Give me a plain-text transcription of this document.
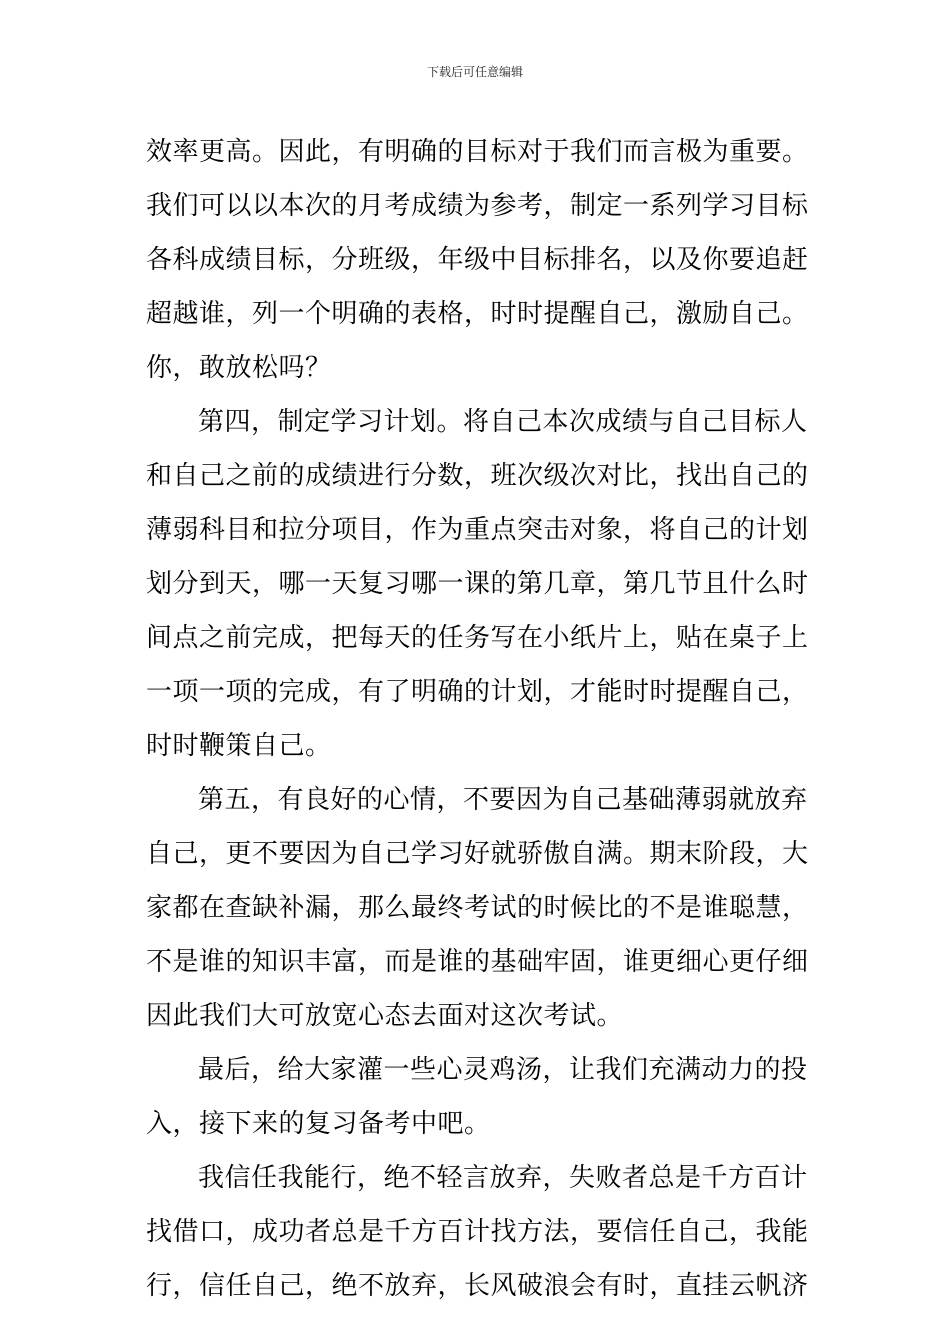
下载后可任意编辑
效率更高。因此，有明确的目标对于我们而言极为重要。
我们可以以本次的月考成绩为参考，制定一系列学习目标
各科成绩目标，分班级，年级中目标排名，以及你要追赶
超越谁，列一个明确的表格，时时提醒自己，激励自己。
你，敢放松吗？
第四，制定学习计划。将自己本次成绩与自己目标人
和自己之前的成绩进行分数，班次级次对比，找出自己的
薄弱科目和拉分项目，作为重点突击对象，将自己的计划
划分到天，哪一天复习哪一课的第几章，第几节且什么时
间点之前完成，把每天的任务写在小纸片上，贴在桌子上
一项一项的完成，有了明确的计划，才能时时提醒自己，
时时鞭策自己。
第五，有良好的心情，不要因为自己基础薄弱就放弃
自己，更不要因为自己学习好就骄傲自满。期末阶段，大
家都在查缺补漏，那么最终考试的时候比的不是谁聪慧，
不是谁的知识丰富，而是谁的基础牢固，谁更细心更仔细
因此我们大可放宽心态去面对这次考试。
最后，给大家灌一些心灵鸡汤，让我们充满动力的投
入，接下来的复习备考中吧。
我信任我能行，绝不轻言放弃，失败者总是千方百计
找借口，成功者总是千方百计找方法，要信任自己，我能
行，信任自己，绝不放弃，长风破浪会有时，直挂云帆济
